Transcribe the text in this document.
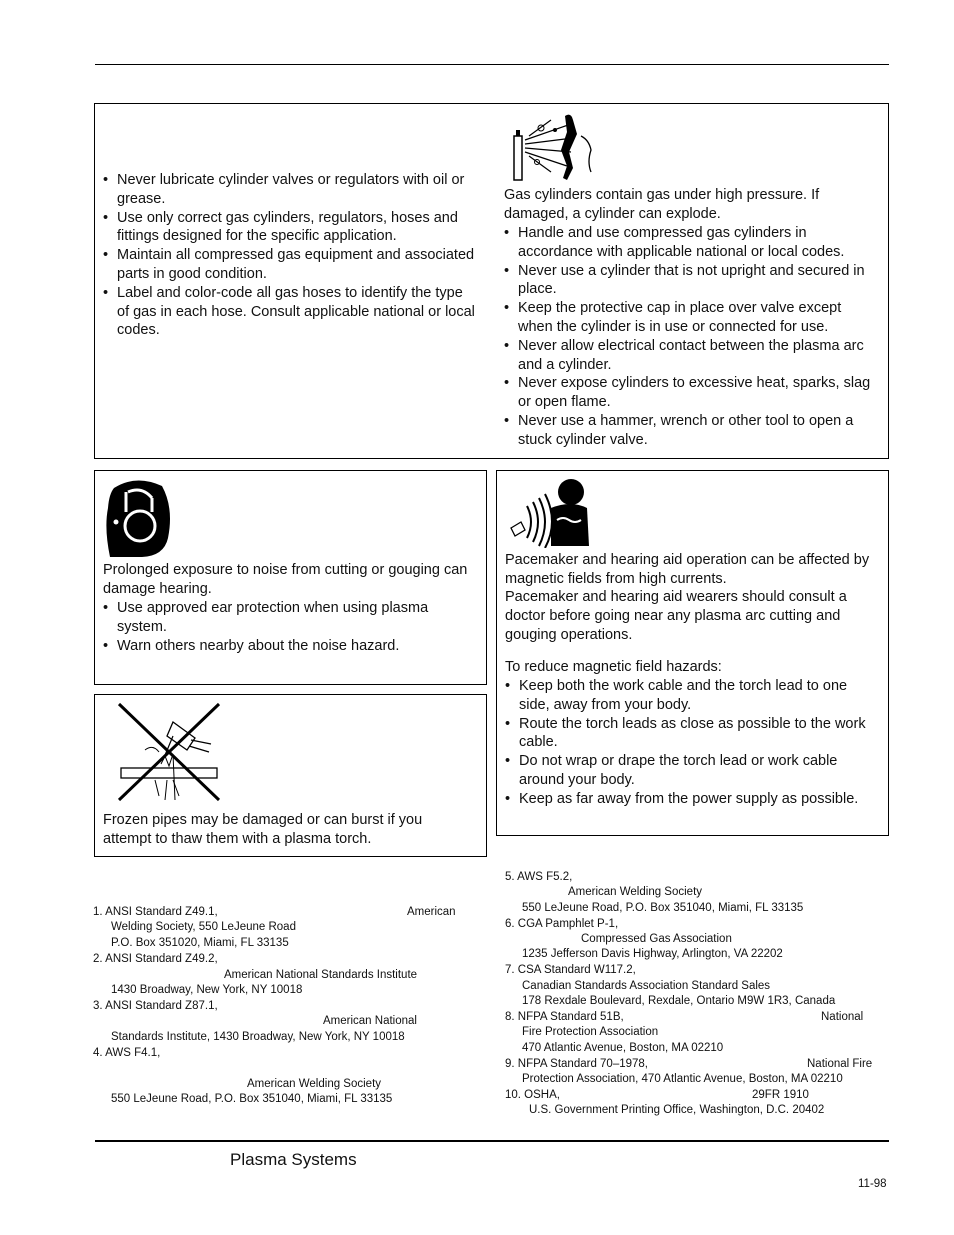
• Never lubricate cylinder valves or regulators with oil or grease.
• Use only correct gas cylinders, regulators, hoses and fittings designed for the specific application.
• Maintain all compressed gas equipment and associated parts in good condition.
• Label and color-code all gas hoses to identify the type of gas in each hose. Consult applicable national or local codes.
Gas cylinders contain gas under high pressure. If damaged, a cylinder can explode.
• Handle and use compressed gas cylinders in accordance with applicable national or local codes.
• Never use a cylinder that is not upright and secured in place.
• Keep the protective cap in place over valve except when the cylinder is in use or connected for use.
• Never allow electrical contact between the plasma arc and a cylinder.
• Never expose cylinders to excessive heat, sparks, slag or open flame.
• Never use a hammer, wrench or other tool to open a stuck cylinder valve.
Prolonged exposure to noise from cutting or gouging can damage hearing.
• Use approved ear protection when using plasma system.
• Warn others nearby about the noise hazard.
Frozen pipes may be damaged or can burst if you attempt to thaw them with a plasma torch.
Pacemaker and hearing aid operation can be affected by magnetic fields from high currents.
Pacemaker and hearing aid wearers should consult a doctor before going near any plasma arc cutting and gouging operations.
To reduce magnetic field hazards:
• Keep both the work cable and the torch lead to one side, away from your body.
• Route the torch leads as close as possible to the work cable.
• Do not wrap or drape the torch lead or work cable around your body.
• Keep as far away from the power supply as possible.
1. ANSI Standard Z49.1,	American
Welding Society, 550 LeJeune Road
P.O. Box 351020, Miami, FL 33135
2. ANSI Standard Z49.2,
American National Standards Institute
1430 Broadway, New York, NY 10018
3. ANSI Standard Z87.1,
American National
Standards Institute, 1430 Broadway, New York, NY 10018
4. AWS F4.1,
American Welding Society
550 LeJeune Road, P.O. Box 351040, Miami, FL 33135
5. AWS F5.2,
American Welding Society
550 LeJeune Road, P.O. Box 351040, Miami, FL 33135
6. CGA Pamphlet P-1,
Compressed Gas Association
1235 Jefferson Davis Highway, Arlington, VA 22202
7. CSA Standard W117.2,
Canadian Standards Association Standard Sales
178 Rexdale Boulevard, Rexdale, Ontario M9W 1R3, Canada
8. NFPA Standard 51B,	National
Fire Protection Association
470 Atlantic Avenue, Boston, MA 02210
9. NFPA Standard 70–1978,	National Fire
Protection Association, 470 Atlantic Avenue, Boston, MA 02210
10. OSHA,	29FR 1910
U.S. Government Printing Office, Washington, D.C. 20402
Plasma Systems
11-98
